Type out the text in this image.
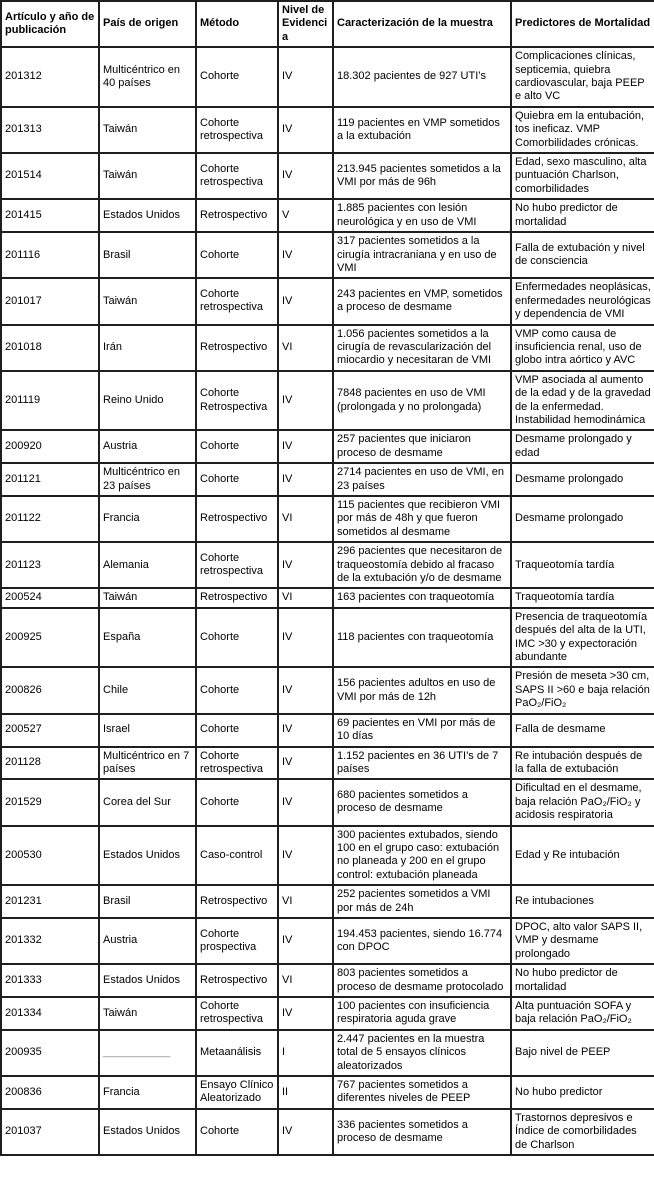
Artículo y año de publicación	País de origen	Método	Nivel de Evidencia	Caracterización de la muestra	Predictores de Mortalidad
201312	Multicéntrico en 40 países	Cohorte	IV	18.302 pacientes de 927 UTI’s	Complicaciones clínicas, septicemia, quiebra cardiovascular, baja PEEP e alto VC
201313	Taiwán	Cohorte retrospectiva	IV	119 pacientes en VMP sometidos a la extubación	Quiebra em la entubación, tos ineficaz. VMP Comorbilidades crónicas.
201514	Taiwán	Cohorte retrospectiva	IV	213.945 pacientes sometidos a la VMI por más de 96h	Edad, sexo masculino, alta puntuación Charlson, comorbilidades
201415	Estados Unidos	Retrospectivo	V	1.885 pacientes con lesión neurológica y en uso de VMI	No hubo predictor de mortalidad
201116	Brasil	Cohorte	IV	317 pacientes sometidos a la cirugía intracraniana y en uso de VMI	Falla de extubación y nivel de consciencia
201017	Taiwán	Cohorte retrospectiva	IV	243 pacientes en VMP, sometidos a proceso de desmame	Enfermedades neoplásicas, enfermedades neurológicas y dependencia de VMI
201018	Irán	Retrospectivo	VI	1.056 pacientes sometidos a la cirugía de revascularización del miocardio y necesitaran de VMI	VMP como causa de insuficiencia renal, uso de globo intra aórtico y AVC
201119	Reino Unido	Cohorte Retrospectiva	IV	7848 pacientes en uso de VMI (prolongada y no prolongada)	VMP asociada al aumento de la edad y de la gravedad de la enfermedad. Instabilidad hemodinámica
200920	Austria	Cohorte	IV	257 pacientes que iniciaron proceso de desmame	Desmame prolongado y edad
201121	Multicéntrico en 23 países	Cohorte	IV	2714 pacientes en uso de VMI, en 23 países	Desmame prolongado
201122	Francia	Retrospectivo	VI	115 pacientes que recibieron VMI por más de 48h y que fueron sometidos al desmame	Desmame prolongado
201123	Alemania	Cohorte retrospectiva	IV	296 pacientes que necesitaron de traqueostomía debido al fracaso de la extubación y/o de desmame	Traqueotomía tardía
200524	Taiwán	Retrospectivo	VI	163 pacientes con traqueotomía	Traqueotomía tardía
200925	España	Cohorte	IV	118 pacientes con traqueotomía	Presencia de traqueotomía después del alta de la UTI, IMC >30 y expectoración abundante
200826	Chile	Cohorte	IV	156 pacientes adultos en uso de VMI por más de 12h	Presión de meseta >30 cm, SAPS II >60 e baja relación PaO₂/FiO₂
200527	Israel	Cohorte	IV	69 pacientes en VMI por más de 10 días	Falla de desmame
201128	Multicéntrico en 7 países	Cohorte retrospectiva	IV	1.152 pacientes en 36 UTI’s de 7 países	Re intubación después de la falla de extubación
201529	Corea del Sur	Cohorte	IV	680 pacientes sometidos a proceso de desmame	Dificultad en el desmame, baja relación PaO₂/FiO₂ y acidosis respiratoria
200530	Estados Unidos	Caso-control	IV	300 pacientes extubados, siendo 100 en el grupo caso: extubación no planeada y 200 en el grupo control: extubación planeada	Edad y Re intubación
201231	Brasil	Retrospectivo	VI	252 pacientes sometidos a VMI por más de 24h	Re intubaciones
201332	Austria	Cohorte prospectiva	IV	194.453 pacientes, siendo 16.774 con DPOC	DPOC, alto valor SAPS II, VMP y desmame prolongado
201333	Estados Unidos	Retrospectivo	VI	803 pacientes sometidos a proceso de desmame protocolado	No hubo predictor de mortalidad
201334	Taiwán	Cohorte retrospectiva	IV	100 pacientes con insuficiencia respiratoria aguda grave	Alta puntuación SOFA y baja relación PaO₂/FiO₂
200935	___________	Metaanálisis	I	2.447 pacientes en la muestra total de 5 ensayos clínicos aleatorizados	Bajo nivel de PEEP
200836	Francia	Ensayo Clínico Aleatorizado	II	767 pacientes sometidos a diferentes niveles de PEEP	No hubo predictor
201037	Estados Unidos	Cohorte	IV	336 pacientes sometidos a proceso de desmame	Trastornos depresivos e Índice de comorbilidades de Charlson
